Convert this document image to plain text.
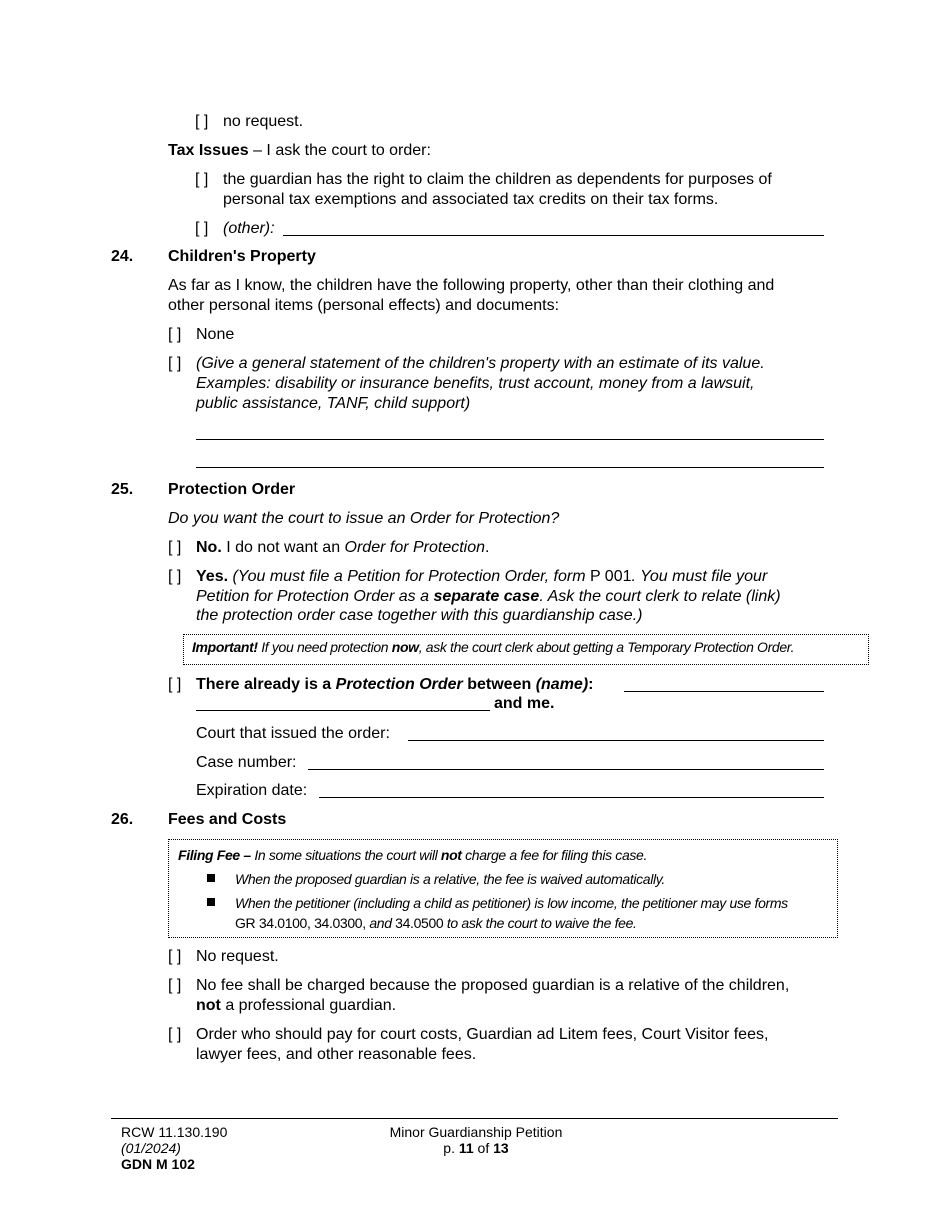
[ ] no request.
Tax Issues – I ask the court to order:
[ ] the guardian has the right to claim the children as dependents for purposes of
personal tax exemptions and associated tax credits on their tax forms.
[ ] (other):
24. Children's Property
As far as I know, the children have the following property, other than their clothing and
other personal items (personal effects) and documents:
[ ] None
[ ] (Give a general statement of the children's property with an estimate of its value.
Examples: disability or insurance benefits, trust account, money from a lawsuit,
public assistance, TANF, child support)
25. Protection Order
Do you want the court to issue an Order for Protection?
[ ] No. I do not want an Order for Protection.
[ ] Yes. (You must file a Petition for Protection Order, form P 001. You must file your
Petition for Protection Order as a separate case. Ask the court clerk to relate (link)
the protection order case together with this guardianship case.)
Important! If you need protection now, ask the court clerk about getting a Temporary Protection Order.
[ ] There already is a Protection Order between (name):
and me.
Court that issued the order:
Case number:
Expiration date:
26. Fees and Costs
Filing Fee – In some situations the court will not charge a fee for filing this case.
When the proposed guardian is a relative, the fee is waived automatically.
When the petitioner (including a child as petitioner) is low income, the petitioner may use forms
GR 34.0100, 34.0300, and 34.0500 to ask the court to waive the fee.
[ ] No request.
[ ] No fee shall be charged because the proposed guardian is a relative of the children,
not a professional guardian.
[ ] Order who should pay for court costs, Guardian ad Litem fees, Court Visitor fees,
lawyer fees, and other reasonable fees.
RCW 11.130.190
(01/2024)
GDN M 102
Minor Guardianship Petition
p. 11 of 13
